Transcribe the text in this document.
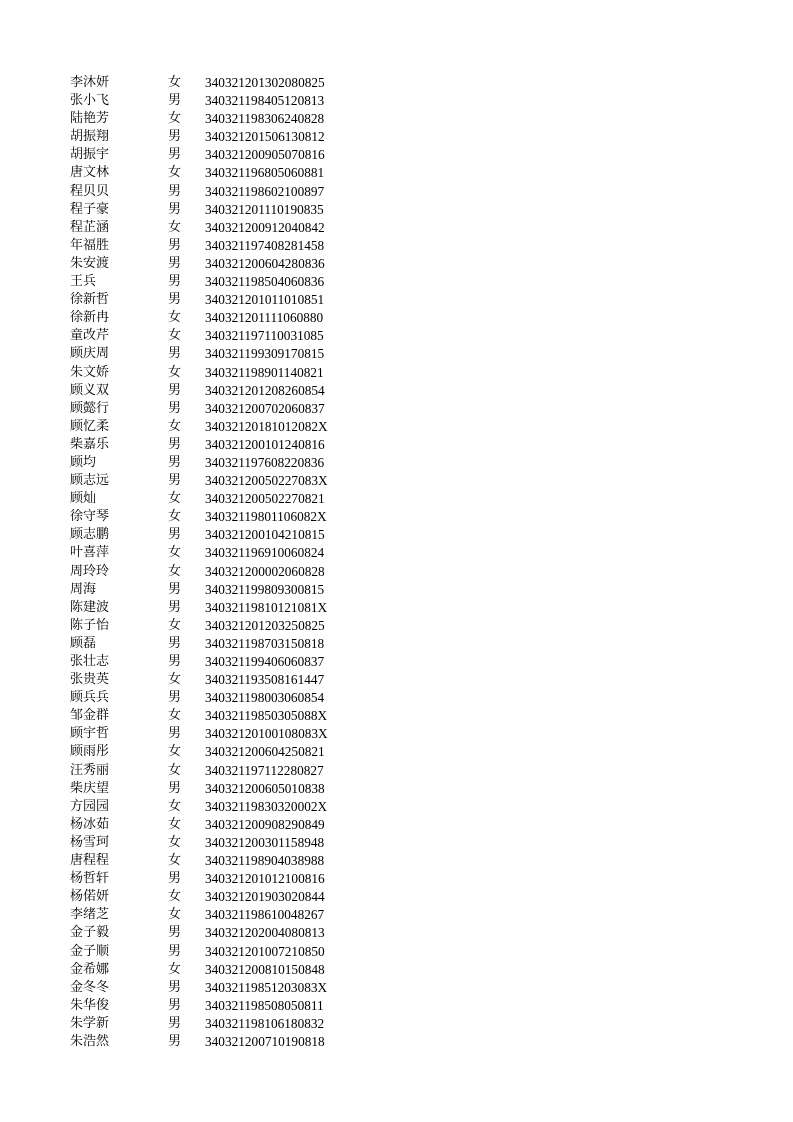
李沐妍	女 340321201302080825
张小飞	男 340321198405120813
陆艳芳	女 340321198306240828
胡振翔	男 340321201506130812
胡振宇	男 340321200905070816
唐文林	女 340321196805060881
程贝贝	男 340321198602100897
程子豪	男 340321201110190835
程芷涵	女 340321200912040842
年福胜	男 340321197408281458
朱安渡	男 340321200604280836
王兵	男 340321198504060836
徐新哲	男 340321201011010851
徐新冉	女 340321201111060880
童改芹	女 340321197110031085
顾庆周	男 340321199309170815
朱文娇	女 340321198901140821
顾义双	男 340321201208260854
顾懿行	男 340321200702060837
顾忆柔	女 34032120181012082X
柴嘉乐	男 340321200101240816
顾均	男 340321197608220836
顾志远	男 34032120050227083X
顾灿	女 340321200502270821
徐守琴	女 34032119801106082X
顾志鹏	男 340321200104210815
叶喜萍	女 340321196910060824
周玲玲	女 340321200002060828
周海	男 340321199809300815
陈建波	男 34032119810121081X
陈子怡	女 340321201203250825
顾磊	男 340321198703150818
张壮志	男 340321199406060837
张贵英	女 340321193508161447
顾兵兵	男 340321198003060854
邹金群	女 34032119850305088X
顾宇哲	男 34032120100108083X
顾雨彤	女 340321200604250821
汪秀丽	女 340321197112280827
柴庆望	男 340321200605010838
方园园	女 34032119830320002X
杨冰茹	女 340321200908290849
杨雪珂	女 340321200301158948
唐程程	女 340321198904038988
杨哲轩	男 340321201012100816
杨偌妍	女 340321201903020844
李绪芝	女 340321198610048267
金子毅	男 340321202004080813
金子顺	男 340321201007210850
金希娜	女 340321200810150848
金冬冬	男 34032119851203083X
朱华俊	男 340321198508050811
朱学新	男 340321198106180832
朱浩然	男 340321200710190818
